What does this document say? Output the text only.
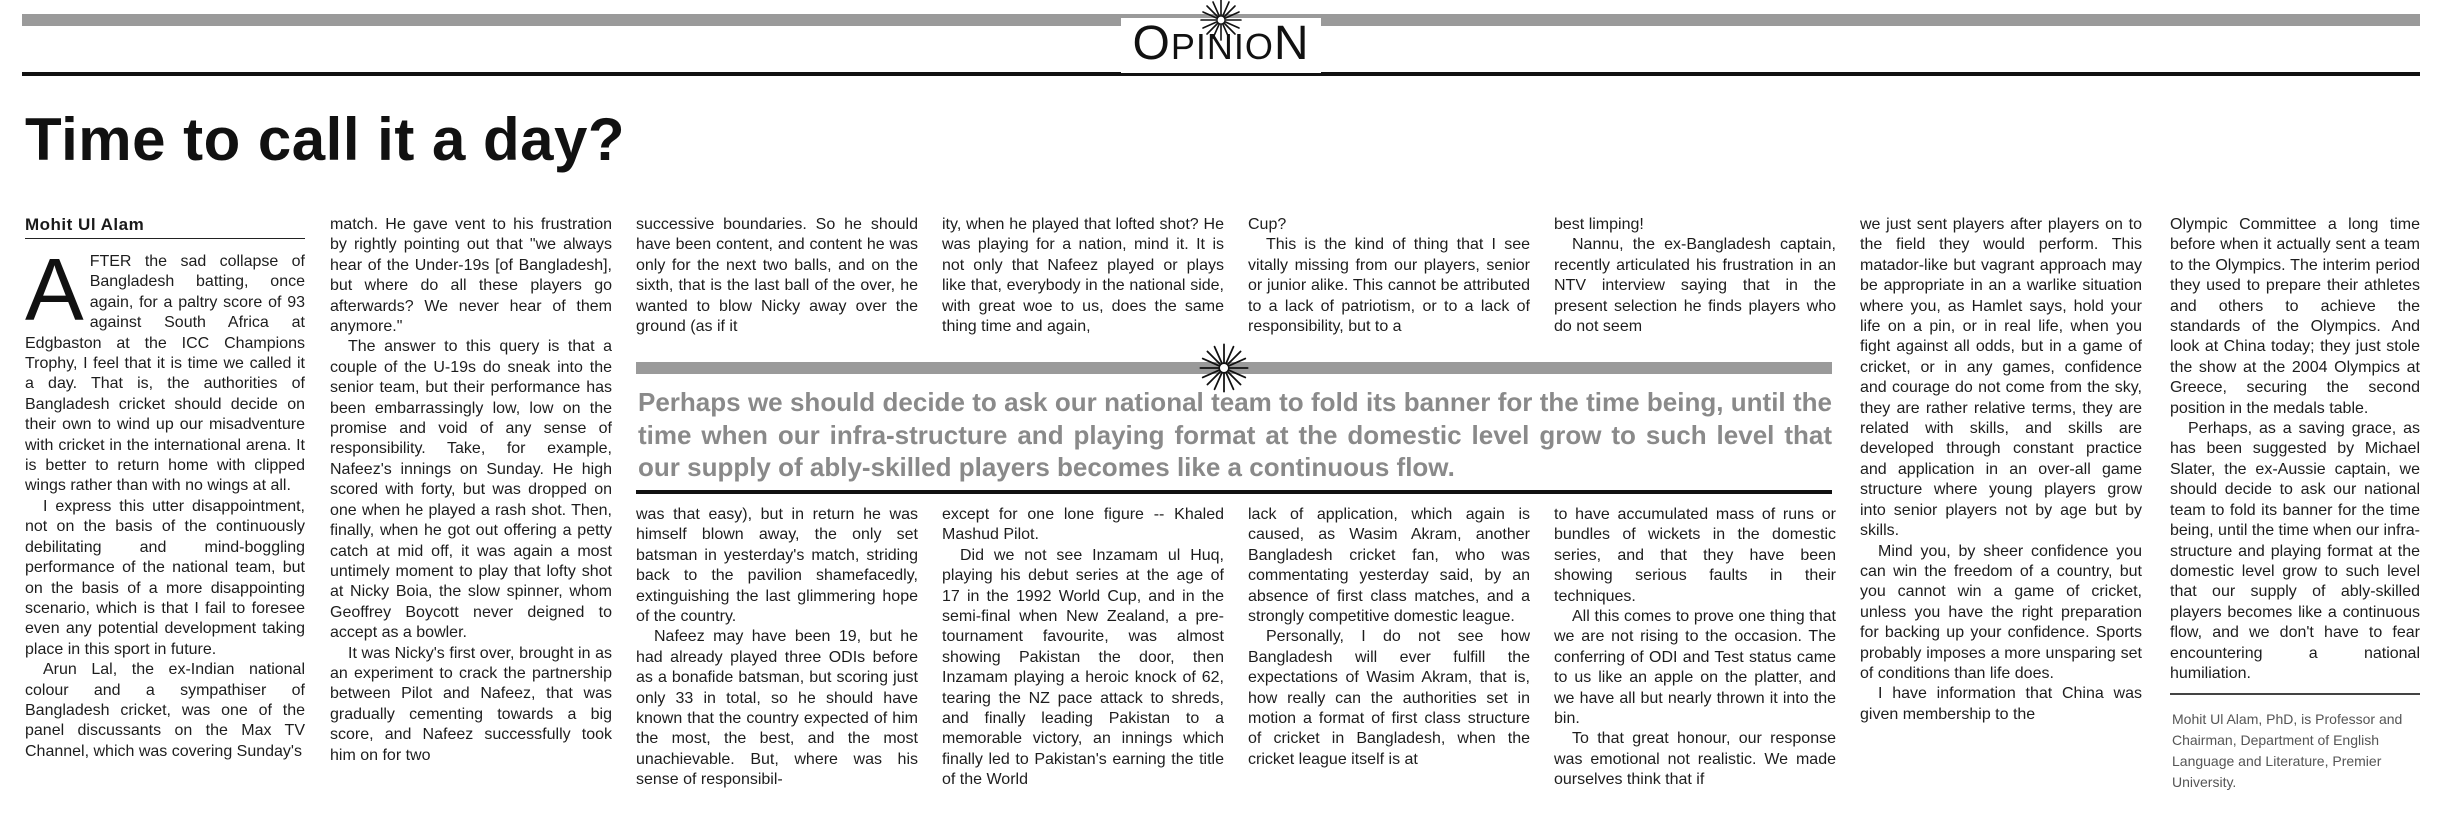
OPINION
Time to call it a day?
Mohit Ul Alam
A FTER the sad collapse of Bangladesh batting, once again, for a paltry score of 93 against South Africa at Edgbaston at the ICC Champions Trophy, I feel that it is time we called it a day. That is, the authorities of Bangladesh cricket should decide on their own to wind up our misadventure with cricket in the international arena. It is better to return home with clipped wings rather than with no wings at all.

I express this utter disappointment, not on the basis of the continuously debilitating and mind-boggling performance of the national team, but on the basis of a more disappointing scenario, which is that I fail to foresee even any potential development taking place in this sport in future.

Arun Lal, the ex-Indian national colour and a sympathiser of Bangladesh cricket, was one of the panel discussants on the Max TV Channel, which was covering Sunday's

match. He gave vent to his frustration by rightly pointing out that "we always hear of the Under-19s [of Bangladesh], but where do all these players go afterwards? We never hear of them anymore."

The answer to this query is that a couple of the U-19s do sneak into the senior team, but their performance has been embarrassingly low, low on the promise and void of any sense of responsibility. Take, for example, Nafeez's innings on Sunday. He high scored with forty, but was dropped on one when he played a rash shot. Then, finally, when he got out offering a petty catch at mid off, it was again a most untimely moment to play that lofty shot at Nicky Boia, the slow spinner, whom Geoffrey Boycott never deigned to accept as a bowler.

It was Nicky's first over, brought in as an experiment to crack the partnership between Pilot and Nafeez, that was gradually cementing towards a big score, and Nafeez successfully took him on for two

successive boundaries. So he should have been content, and content he was only for the next two balls, and on the sixth, that is the last ball of the over, he wanted to blow Nicky away over the ground (as if it

ity, when he played that lofted shot? He was playing for a nation, mind it. It is not only that Nafeez played or plays like that, everybody in the national side, with great woe to us, does the same thing time and again,

Cup?

This is the kind of thing that I see vitally missing from our players, senior or junior alike. This cannot be attributed to a lack of patriotism, or to a lack of responsibility, but to a

best limping!

Nannu, the ex-Bangladesh captain, recently articulated his frustration in an NTV interview saying that in the present selection he finds players who do not seem

Perhaps we should decide to ask our national team to fold its banner for the time being, until the time when our infra-structure and playing format at the domestic level grow to such level that our supply of ably-skilled players becomes like a continuous flow.

was that easy), but in return he was himself blown away, the only set batsman in yesterday's match, striding back to the pavilion shamefacedly, extinguishing the last glimmering hope of the country.

Nafeez may have been 19, but he had already played three ODIs before as a bonafide batsman, but scoring just only 33 in total, so he should have known that the country expected of him the most, the best, and the most unachievable. But, where was his sense of responsibil-

except for one lone figure -- Khaled Mashud Pilot.

Did we not see Inzamam ul Huq, playing his debut series at the age of 17 in the 1992 World Cup, and in the semi-final when New Zealand, a pre-tournament favourite, was almost showing Pakistan the door, then Inzamam playing a heroic knock of 62, tearing the NZ pace attack to shreds, and finally leading Pakistan to a memorable victory, an innings which finally led to Pakistan's earning the title of the World

lack of application, which again is caused, as Wasim Akram, another Bangladesh cricket fan, who was commentating yesterday said, by an absence of first class matches, and a strongly competitive domestic league.

Personally, I do not see how Bangladesh will ever fulfill the expectations of Wasim Akram, that is, how really can the authorities set in motion a format of first class structure of cricket in Bangladesh, when the cricket league itself is at

to have accumulated mass of runs or bundles of wickets in the domestic series, and that they have been showing serious faults in their techniques.

All this comes to prove one thing that we are not rising to the occasion. The conferring of ODI and Test status came to us like an apple on the platter, and we have all but nearly thrown it into the bin.

To that great honour, our response was emotional not realistic. We made ourselves think that if

we just sent players after players on to the field they would perform. This matador-like but vagrant approach may be appropriate in an a warlike situation where you, as Hamlet says, hold your life on a pin, or in real life, when you fight against all odds, but in a game of cricket, or in any games, confidence and courage do not come from the sky, they are rather relative terms, they are related with skills, and skills are developed through constant practice and application in an over-all game structure where young players grow into senior players not by age but by skills.

Mind you, by sheer confidence you can win the freedom of a country, but you cannot win a game of cricket, unless you have the right preparation for backing up your confidence. Sports probably imposes a more unsparing set of conditions than life does.

I have information that China was given membership to the

Olympic Committee a long time before when it actually sent a team to the Olympics. The interim period they used to prepare their athletes and others to achieve the standards of the Olympics. And look at China today; they just stole the show at the 2004 Olympics at Greece, securing the second position in the medals table.

Perhaps, as a saving grace, as has been suggested by Michael Slater, the ex-Aussie captain, we should decide to ask our national team to fold its banner for the time being, until the time when our infra-structure and playing format at the domestic level grow to such level that our supply of ably-skilled players becomes like a continuous flow, and we don't have to fear encountering a national humiliation.

Mohit Ul Alam, PhD, is Professor and Chairman, Department of English Language and Literature, Premier University.
